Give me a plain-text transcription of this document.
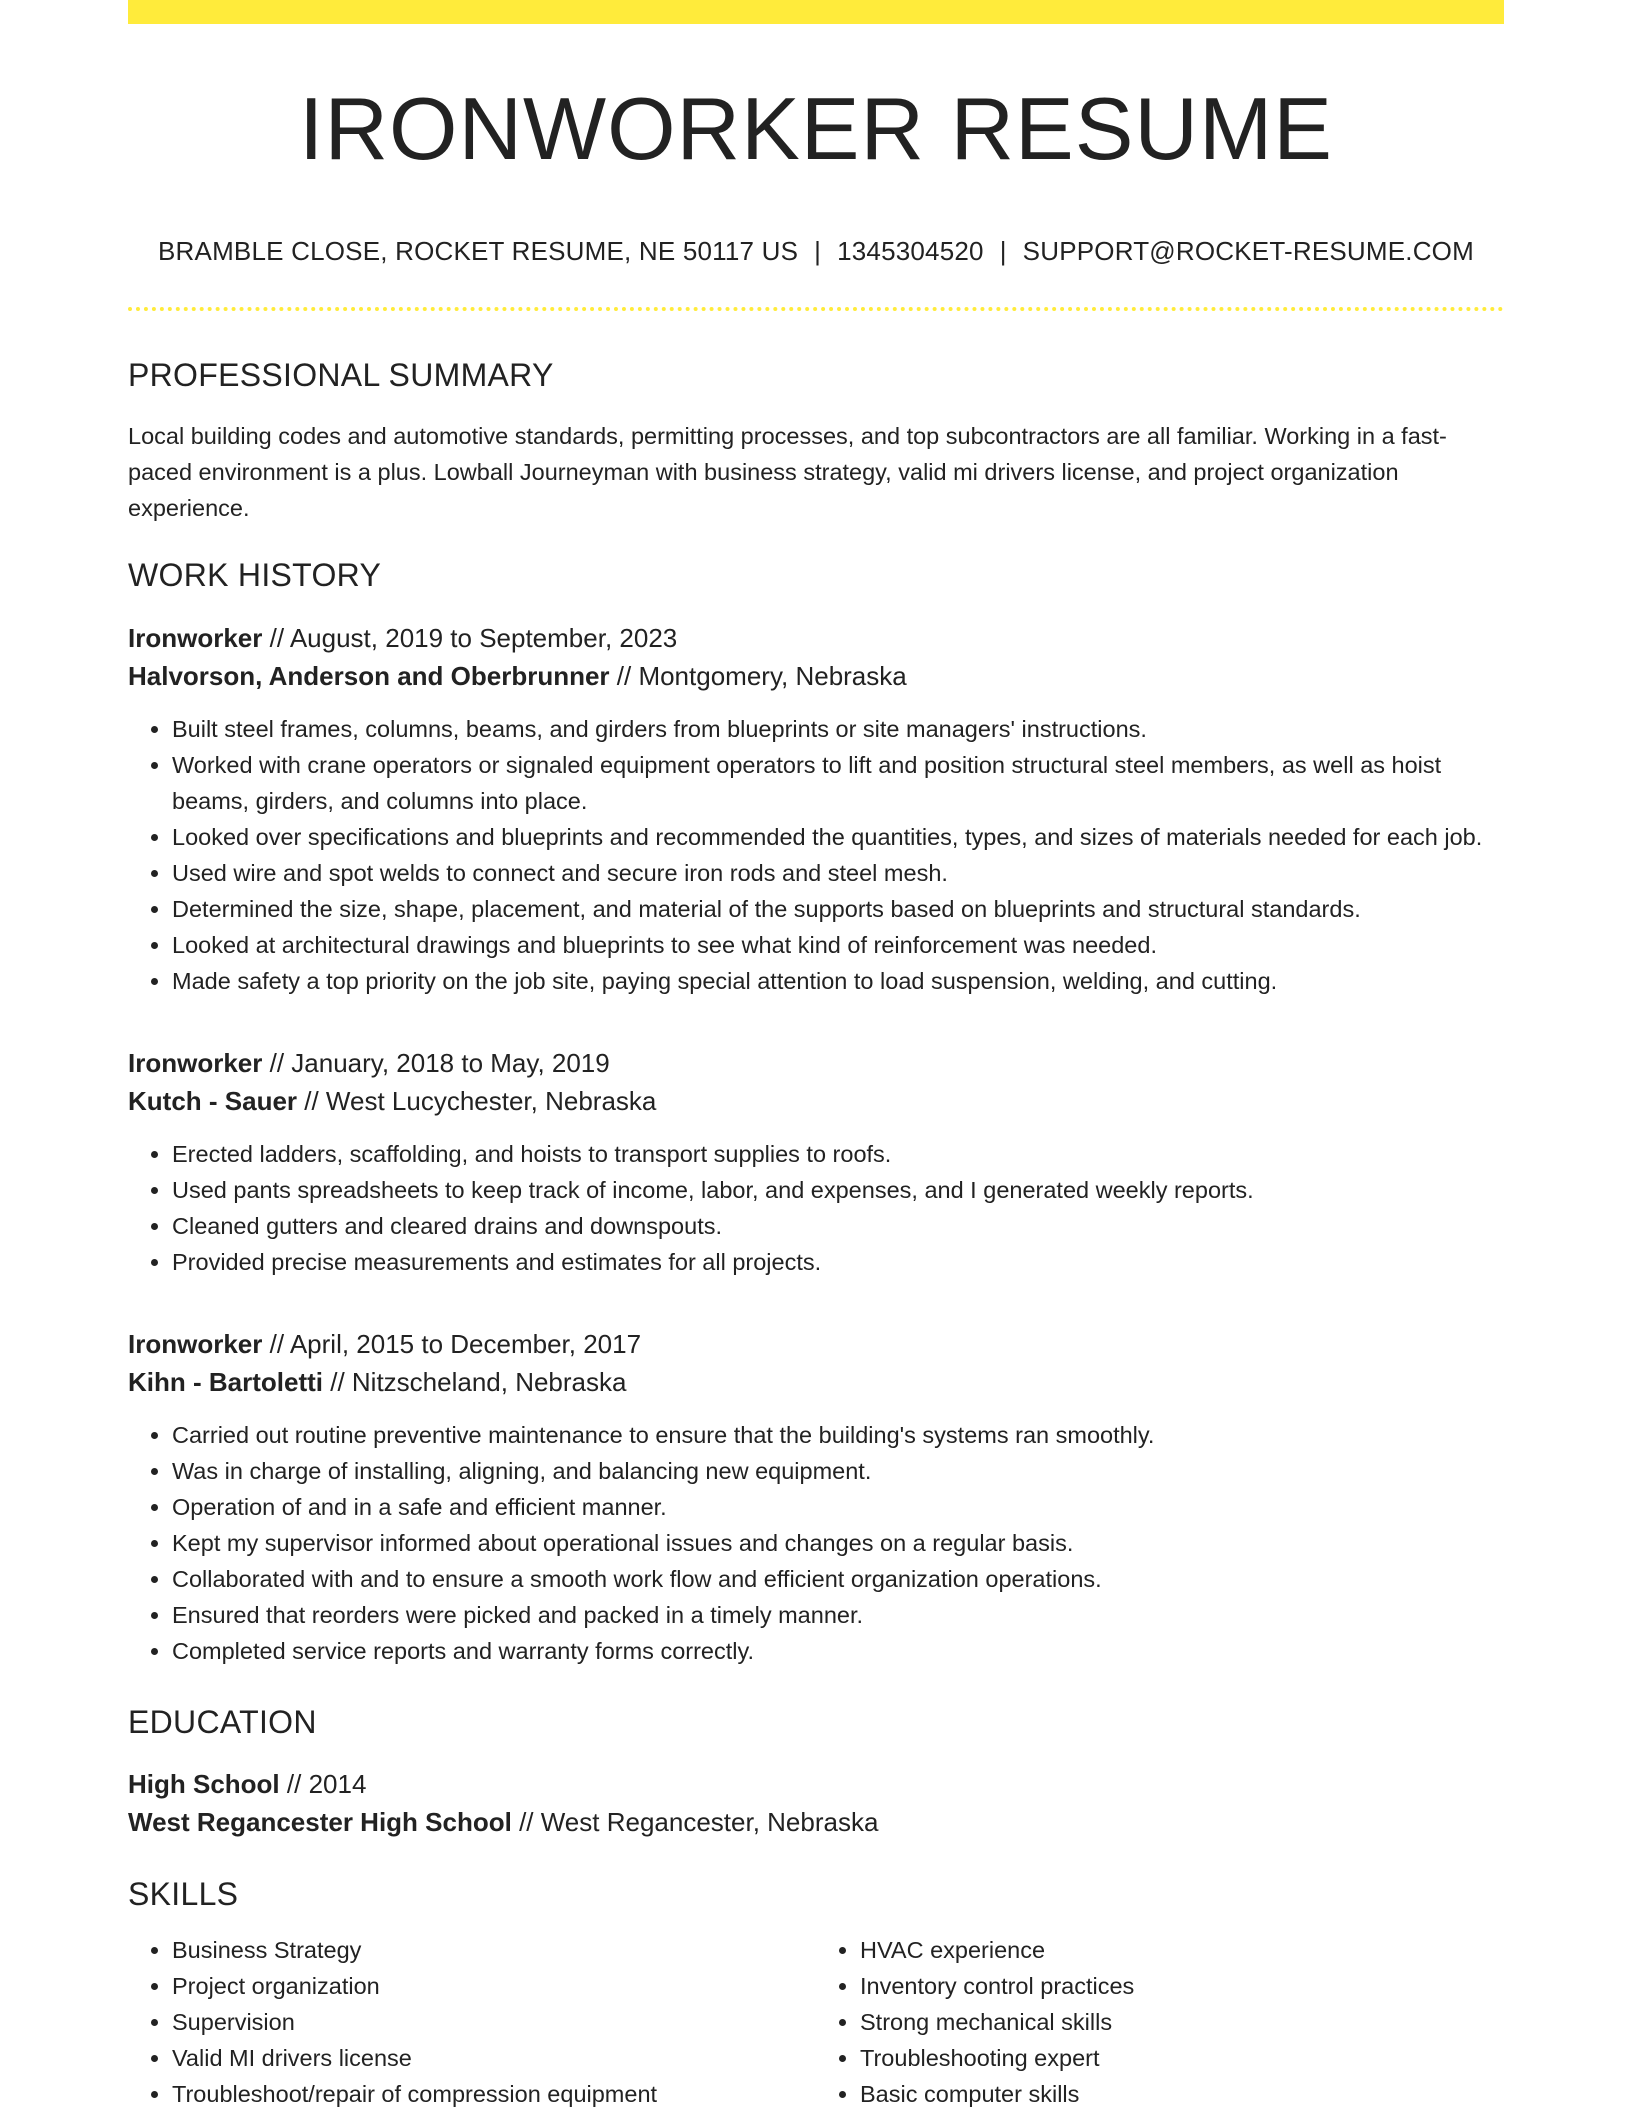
IRONWORKER RESUME
BRAMBLE CLOSE, ROCKET RESUME, NE 50117 US | 1345304520 | SUPPORT@ROCKET-RESUME.COM
PROFESSIONAL SUMMARY
Local building codes and automotive standards, permitting processes, and top subcontractors are all familiar. Working in a fast-paced environment is a plus. Lowball Journeyman with business strategy, valid mi drivers license, and project organization experience.
WORK HISTORY
Ironworker // August, 2019 to September, 2023
Halvorson, Anderson and Oberbrunner // Montgomery, Nebraska
• Built steel frames, columns, beams, and girders from blueprints or site managers' instructions.
• Worked with crane operators or signaled equipment operators to lift and position structural steel members, as well as hoist beams, girders, and columns into place.
• Looked over specifications and blueprints and recommended the quantities, types, and sizes of materials needed for each job.
• Used wire and spot welds to connect and secure iron rods and steel mesh.
• Determined the size, shape, placement, and material of the supports based on blueprints and structural standards.
• Looked at architectural drawings and blueprints to see what kind of reinforcement was needed.
• Made safety a top priority on the job site, paying special attention to load suspension, welding, and cutting.
Ironworker // January, 2018 to May, 2019
Kutch - Sauer // West Lucychester, Nebraska
• Erected ladders, scaffolding, and hoists to transport supplies to roofs.
• Used pants spreadsheets to keep track of income, labor, and expenses, and I generated weekly reports.
• Cleaned gutters and cleared drains and downspouts.
• Provided precise measurements and estimates for all projects.
Ironworker // April, 2015 to December, 2017
Kihn - Bartoletti // Nitzscheland, Nebraska
• Carried out routine preventive maintenance to ensure that the building's systems ran smoothly.
• Was in charge of installing, aligning, and balancing new equipment.
• Operation of and in a safe and efficient manner.
• Kept my supervisor informed about operational issues and changes on a regular basis.
• Collaborated with and to ensure a smooth work flow and efficient organization operations.
• Ensured that reorders were picked and packed in a timely manner.
• Completed service reports and warranty forms correctly.
EDUCATION
High School // 2014
West Regancester High School // West Regancester, Nebraska
SKILLS
• Business Strategy
• Project organization
• Supervision
• Valid MI drivers license
• Troubleshoot/repair of compression equipment
• HVAC experience
• Inventory control practices
• Strong mechanical skills
• Troubleshooting expert
• Basic computer skills
